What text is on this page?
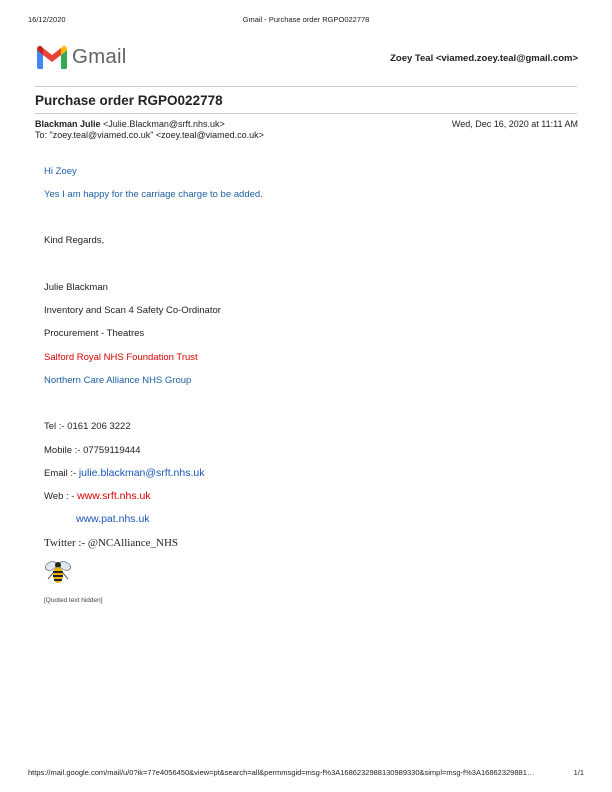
16/12/2020	Gmail - Purchase order RGPO022778
Gmail	Zoey Teal <viamed.zoey.teal@gmail.com>
Purchase order RGPO022778
Blackman Julie <Julie.Blackman@srft.nhs.uk>	Wed, Dec 16, 2020 at 11:11 AM
To: "zoey.teal@viamed.co.uk" <zoey.teal@viamed.co.uk>
Hi Zoey
Yes I am happy for the carriage charge to be added.
Kind Regards,
Julie Blackman
Inventory and Scan 4 Safety Co-Ordinator
Procurement - Theatres
Salford Royal NHS Foundation Trust
Northern Care Alliance NHS Group
Tel :- 0161 206 3222
Mobile :- 07759119444
Email :- julie.blackman@srft.nhs.uk
Web : - www.srft.nhs.uk
www.pat.nhs.uk
Twitter :- @NCAlliance_NHS
[Quoted text hidden]
https://mail.google.com/mail/u/0?ik=77e4056450&view=pt&search=all&permmsgid=msg-f%3A1686232988130989330&simpl=msg-f%3A16862329881…	1/1
